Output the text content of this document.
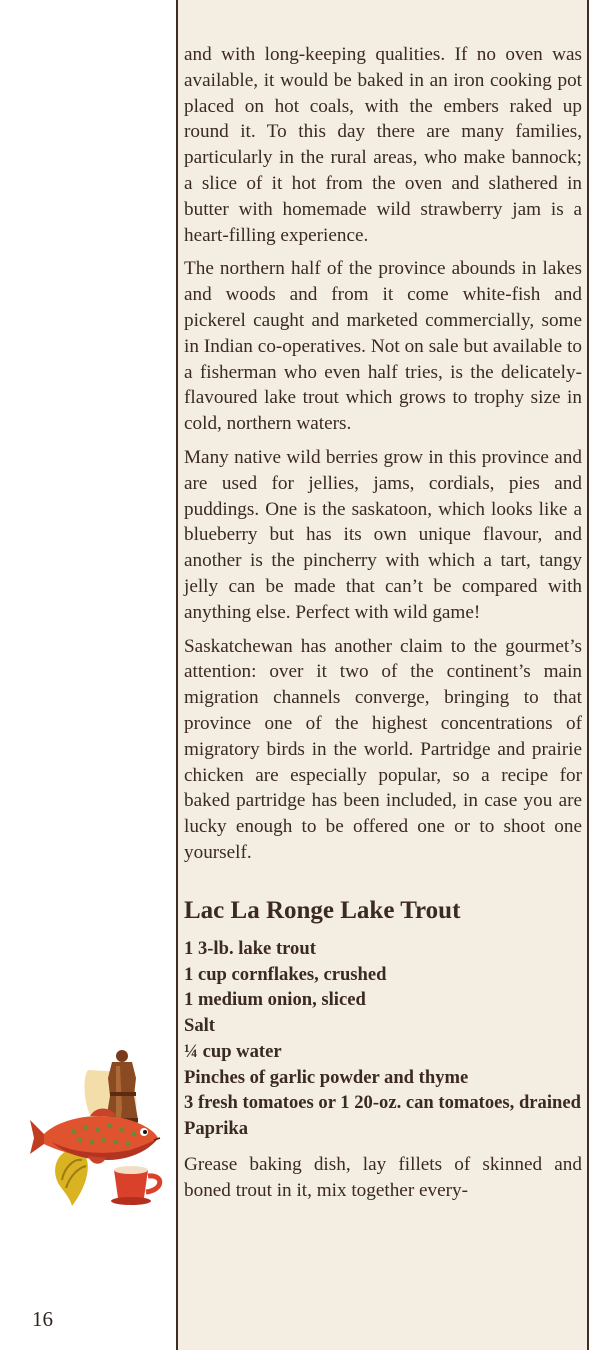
and with long-keeping qualities. If no oven was available, it would be baked in an iron cooking pot placed on hot coals, with the embers raked up round it. To this day there are many families, particularly in the rural areas, who make bannock; a slice of it hot from the oven and slathered in butter with homemade wild strawberry jam is a heart-filling experience.

The northern half of the province abounds in lakes and woods and from it come white-fish and pickerel caught and marketed commercially, some in Indian co-operatives. Not on sale but available to a fisherman who even half tries, is the delicately-flavoured lake trout which grows to trophy size in cold, northern waters.

Many native wild berries grow in this province and are used for jellies, jams, cordials, pies and puddings. One is the saskatoon, which looks like a blueberry but has its own unique flavour, and another is the pincherry with which a tart, tangy jelly can be made that can’t be compared with anything else. Perfect with wild game!

Saskatchewan has another claim to the gourmet’s attention: over it two of the continent’s main migration channels converge, bringing to that province one of the highest concentrations of migratory birds in the world. Partridge and prairie chicken are especially popular, so a recipe for baked partridge has been included, in case you are lucky enough to be offered one or to shoot one yourself.

Lac La Ronge Lake Trout
1 3-lb. lake trout
1 cup cornflakes, crushed
1 medium onion, sliced
Salt
¼ cup water
Pinches of garlic powder and thyme
3 fresh tomatoes or 1 20-oz. can tomatoes, drained
Paprika

Grease baking dish, lay fillets of skinned and boned trout in it, mix together every-

16
